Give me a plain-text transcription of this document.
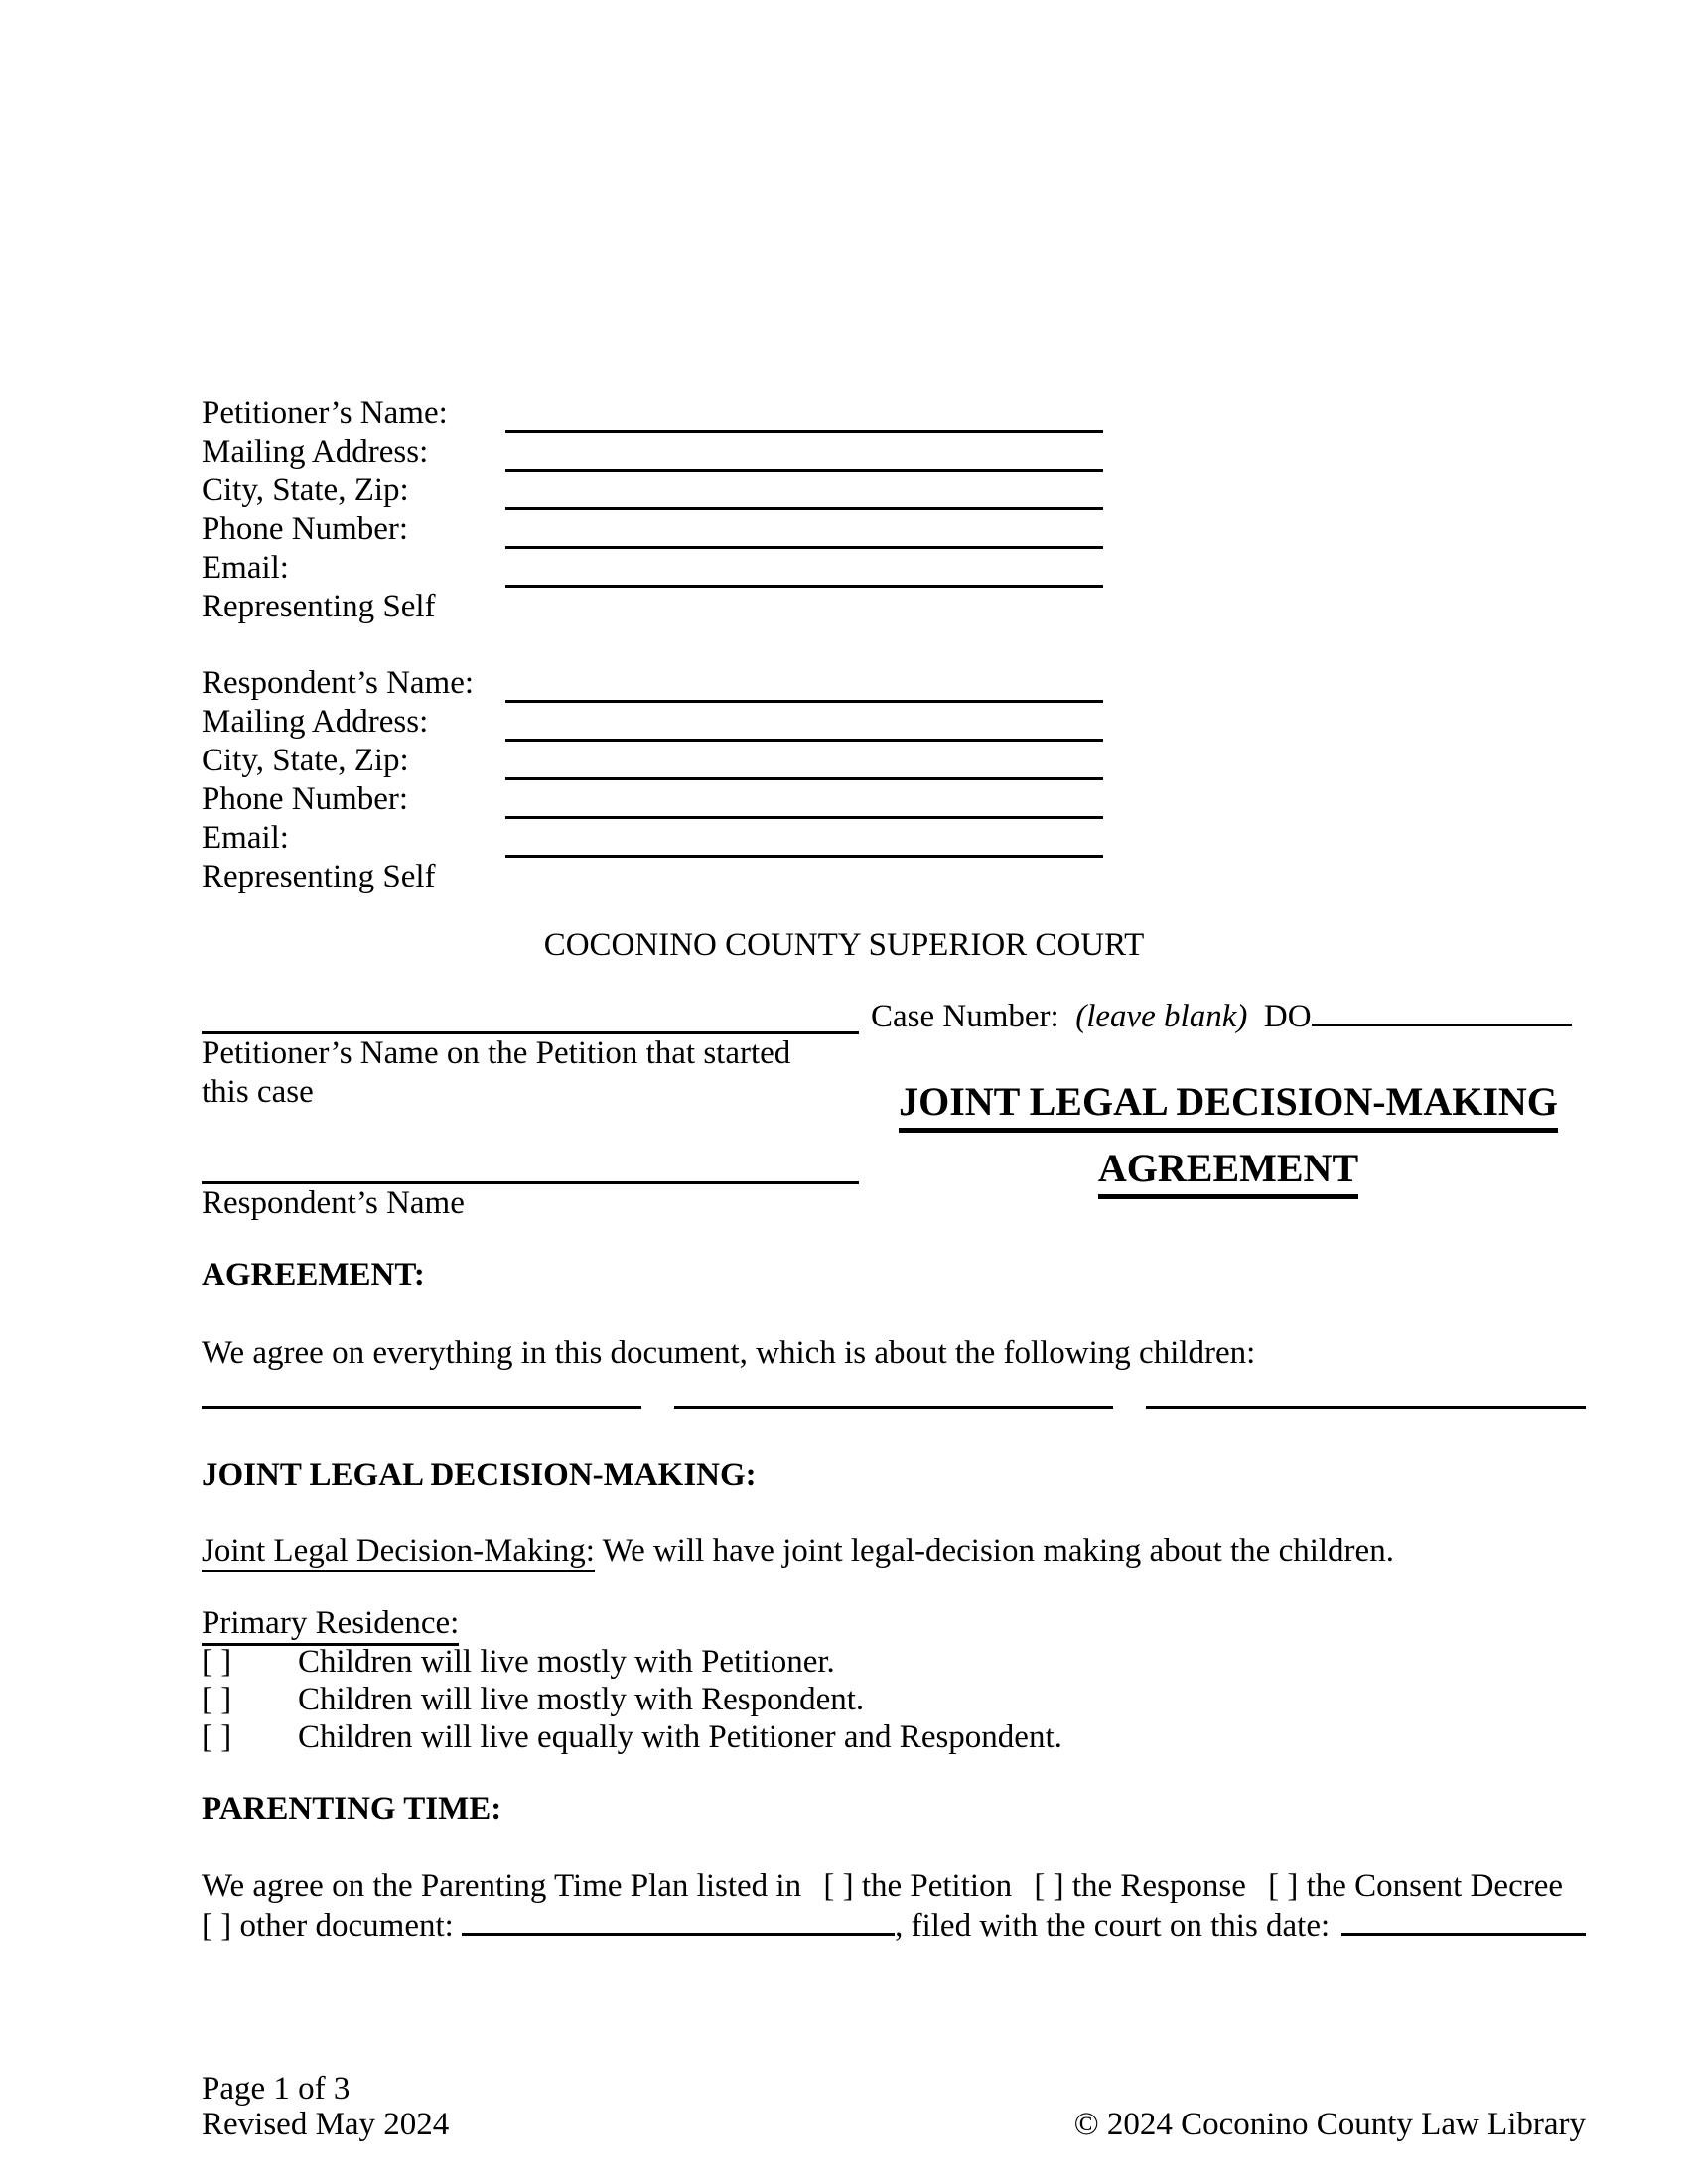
Petitioner’s Name:
Mailing Address:
City, State, Zip:
Phone Number:
Email:
Representing Self
Respondent’s Name:
Mailing Address:
City, State, Zip:
Phone Number:
Email:
Representing Self
COCONINO COUNTY SUPERIOR COURT
Petitioner’s Name on the Petition that started this case
Respondent’s Name
Case Number: (leave blank) DO
JOINT LEGAL DECISION-MAKING
AGREEMENT
AGREEMENT:
We agree on everything in this document, which is about the following children:
JOINT LEGAL DECISION-MAKING:
Joint Legal Decision-Making: We will have joint legal-decision making about the children.
Primary Residence:
[ ]	Children will live mostly with Petitioner.
[ ]	Children will live mostly with Respondent.
[ ]	Children will live equally with Petitioner and Respondent.
PARENTING TIME:
We agree on the Parenting Time Plan listed in [ ] the Petition [ ] the Response [ ] the Consent Decree
[ ]
other document:
	, filed with the court on this date:
Page 1 of 3
Revised May 2024	© 2024 Coconino County Law Library
